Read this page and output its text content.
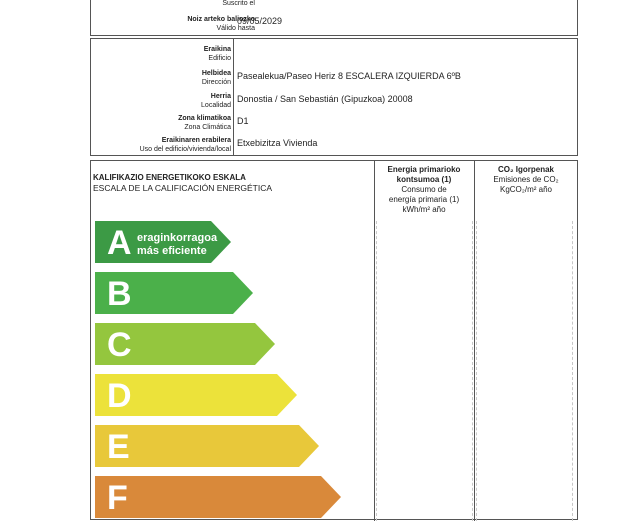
Suscrito el
Noiz arteko baliozko
Válido hasta
09/05/2029
Eraikina
Edificio
Helbidea
Dirección
Pasealekua/Paseo Heriz 8 ESCALERA IZQUIERDA 6ºB
Herria
Localidad
Donostia / San Sebastián (Gipuzkoa) 20008
Zona klimatikoa
Zona Climática
D1
Eraikinaren erabilera
Uso del edificio/vivienda/local
Etxebizitza Vivienda
KALIFIKAZIO ENERGETIKOKO ESKALA
ESCALA DE LA CALIFICACIÓN ENERGÉTICA
Energia primarioko
kontsumoa (1)
Consumo de
energía primaria (1)
kWh/m² año
CO₂ Igorpenak
Emisiones de CO₂
KgCO₂/m² año
A eraginkorragoa
más eficiente
B
C
D
E
F
